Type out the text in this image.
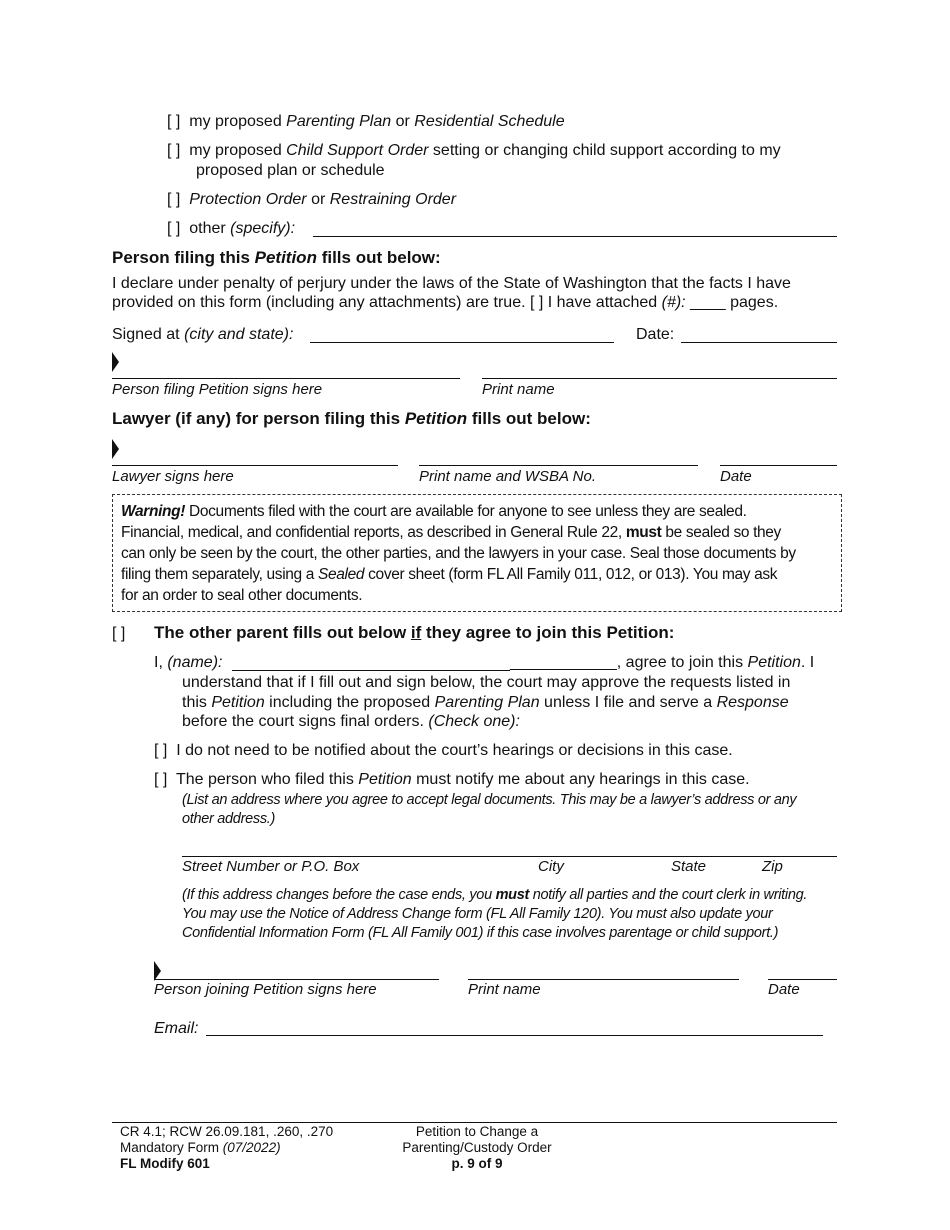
[ ] my proposed Parenting Plan or Residential Schedule
[ ] my proposed Child Support Order setting or changing child support according to my
proposed plan or schedule
[ ] Protection Order or Restraining Order
[ ] other (specify):
Person filing this Petition fills out below:
I declare under penalty of perjury under the laws of the State of Washington that the facts I have
provided on this form (including any attachments) are true. [ ] I have attached (#): ____ pages.
Signed at (city and state):	Date:
Person filing Petition signs here	Print name
Lawyer (if any) for person filing this Petition fills out below:
Lawyer signs here	Print name and WSBA No.	Date
Warning! Documents filed with the court are available for anyone to see unless they are sealed.
Financial, medical, and confidential reports, as described in General Rule 22, must be sealed so they
can only be seen by the court, the other parties, and the lawyers in your case. Seal those documents by
filing them separately, using a Sealed cover sheet (form FL All Family 011, 012, or 013). You may ask
for an order to seal other documents.
[ ] The other parent fills out below if they agree to join this Petition:
I, (name):	____________, agree to join this Petition. I
understand that if I fill out and sign below, the court may approve the requests listed in
this Petition including the proposed Parenting Plan unless I file and serve a Response
before the court signs final orders. (Check one):
[ ] I do not need to be notified about the court’s hearings or decisions in this case.
[ ] The person who filed this Petition must notify me about any hearings in this case.
(List an address where you agree to accept legal documents. This may be a lawyer’s address or any
other address.)
Street Number or P.O. Box	City	State	Zip
(If this address changes before the case ends, you must notify all parties and the court clerk in writing.
You may use the Notice of Address Change form (FL All Family 120). You must also update your
Confidential Information Form (FL All Family 001) if this case involves parentage or child support.)
Person joining Petition signs here	Print name	Date
Email:
CR 4.1; RCW 26.09.181, .260, .270
Mandatory Form (07/2022)
FL Modify 601
Petition to Change a
Parenting/Custody Order
p. 9 of 9
